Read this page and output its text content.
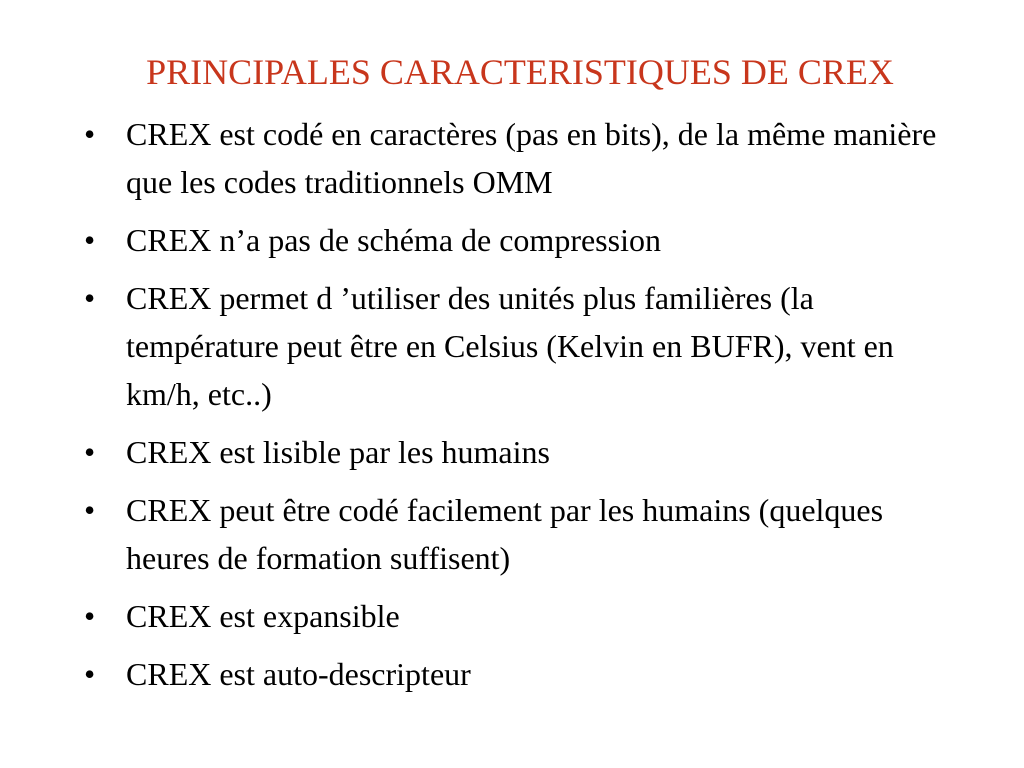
PRINCIPALES CARACTERISTIQUES DE CREX
• CREX est codé en caractères (pas en bits), de la même manière que les codes traditionnels OMM
• CREX n’a pas de schéma de compression
• CREX permet d ’utiliser des unités plus familières (la température peut être en Celsius (Kelvin en BUFR), vent en km/h, etc..)
• CREX est lisible par les humains
• CREX peut être codé facilement par les humains (quelques heures de formation suffisent)
• CREX est expansible
• CREX est auto-descripteur
